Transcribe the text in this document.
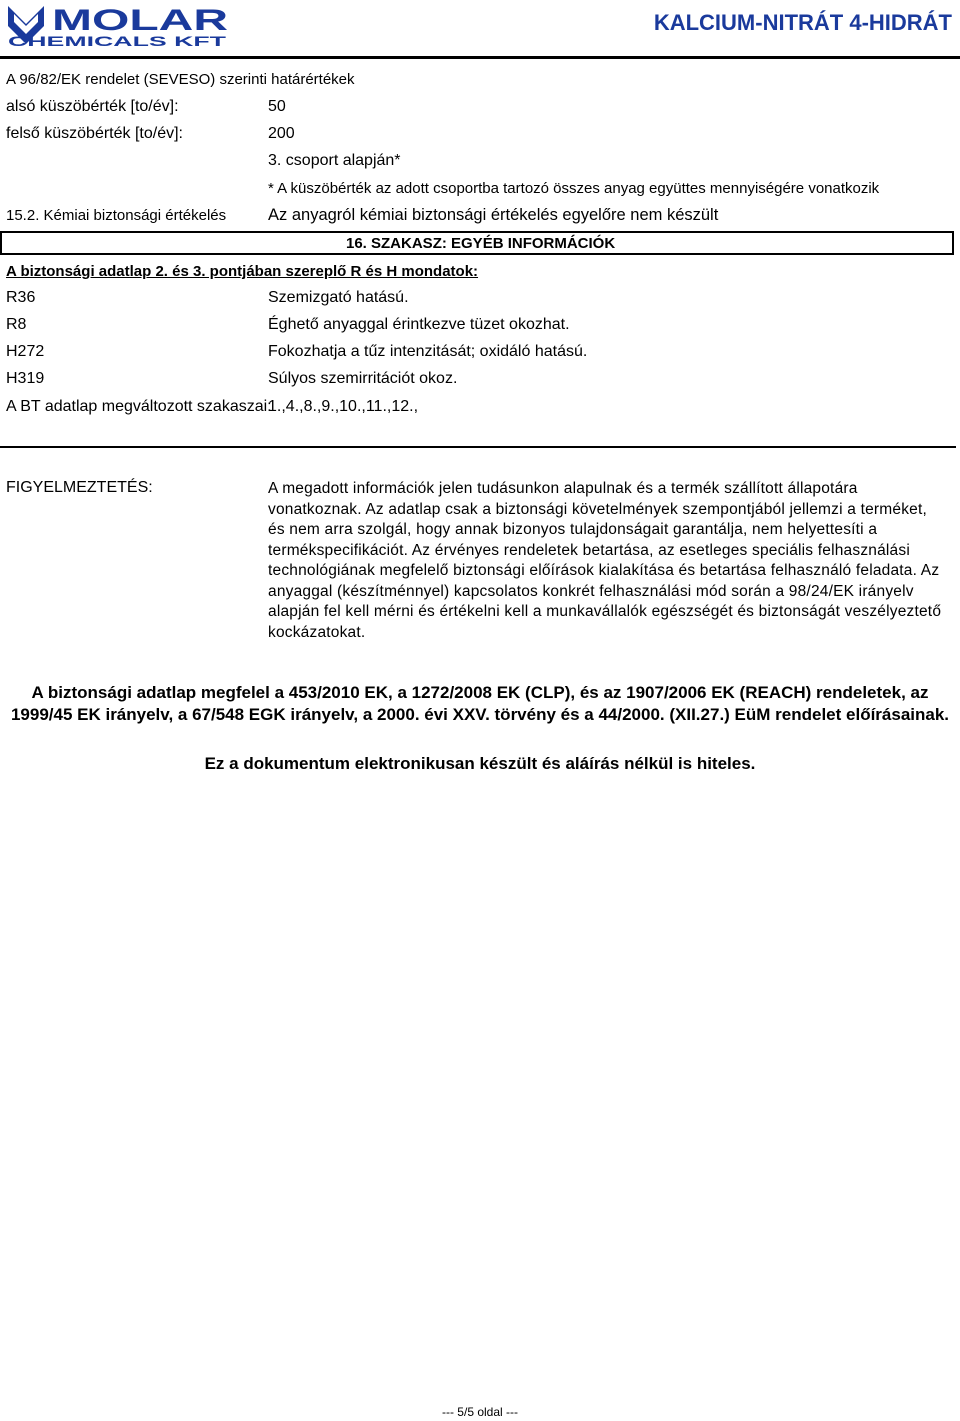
MOLAR
CHEMICALS KFT
KALCIUM-NITRÁT 4-HIDRÁT
A 96/82/EK rendelet (SEVESO) szerinti határértékek
alsó küszöbérték [to/év]:	50
felső küszöbérték [to/év]:	200
3. csoport alapján*
* A küszöbérték az adott csoportba tartozó összes anyag együttes mennyiségére vonatkozik
15.2. Kémiai biztonsági értékelés	Az anyagról kémiai biztonsági értékelés egyelőre nem készült
16. SZAKASZ: EGYÉB INFORMÁCIÓK
A biztonsági adatlap 2. és 3. pontjában szereplő R és H mondatok:
R36	Szemizgató hatású.
R8	Éghető anyaggal érintkezve tüzet okozhat.
H272	Fokozhatja a tűz intenzitását; oxidáló hatású.
H319	Súlyos szemirritációt okoz.
A BT adatlap megváltozott szakaszai:
1.,4.,8.,9.,10.,11.,12.,
FIGYELMEZTETÉS:	A megadott információk jelen tudásunkon alapulnak és a termék szállított állapotára vonatkoznak. Az adatlap csak a biztonsági követelmények szempontjából jellemzi a terméket, és nem arra szolgál, hogy annak bizonyos tulajdonságait garantálja, nem helyettesíti a termékspecifikációt. Az érvényes rendeletek betartása, az esetleges speciális felhasználási technológiának megfelelő biztonsági előírások kialakítása és betartása felhasználó feladata. Az anyaggal (készítménnyel) kapcsolatos konkrét felhasználási mód során a 98/24/EK irányelv alapján fel kell mérni és értékelni kell a munkavállalók egészségét és biztonságát veszélyeztető kockázatokat.
A biztonsági adatlap megfelel a 453/2010 EK, a 1272/2008 EK (CLP), és az 1907/2006 EK (REACH) rendeletek, az 1999/45 EK irányelv, a 67/548 EGK irányelv, a 2000. évi XXV. törvény és a 44/2000. (XII.27.) EüM rendelet előírásainak.
Ez a dokumentum elektronikusan készült és aláírás nélkül is hiteles.
--- 5/5 oldal ---
